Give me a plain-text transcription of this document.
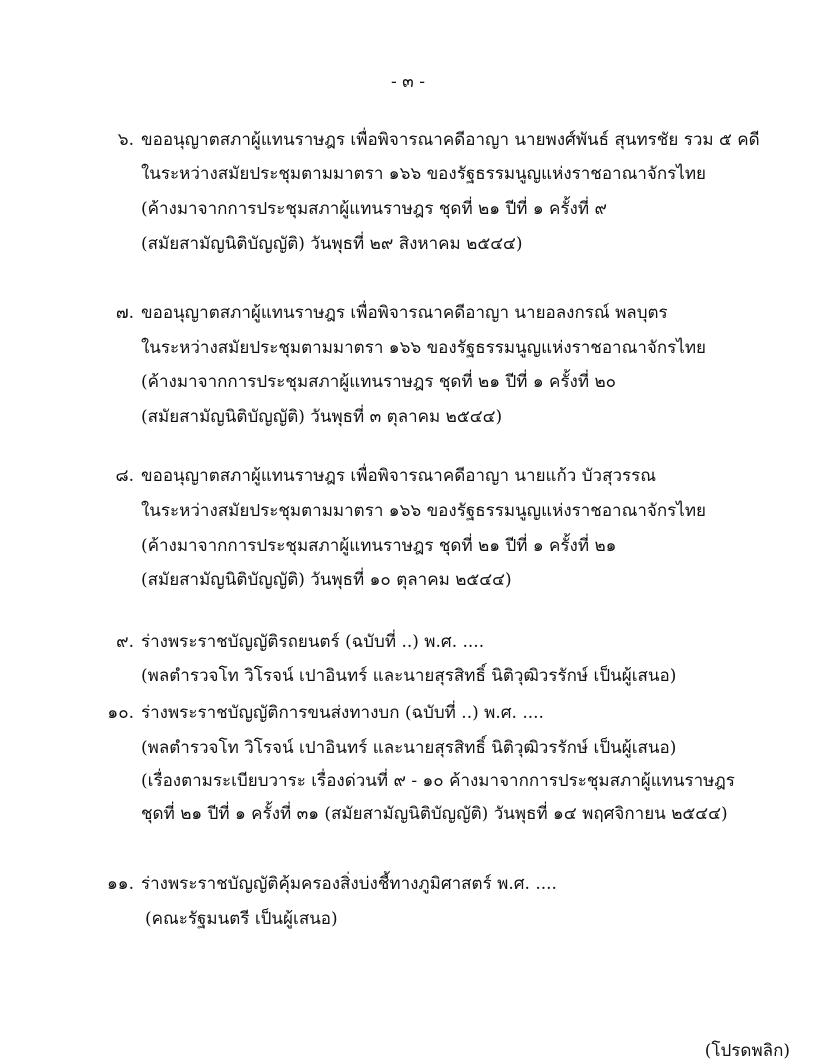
- ๓ -
๖. ขออนุญาตสภาผู้แทนราษฎร เพื่อพิจารณาคดีอาญา นายพงศ์พันธ์ สุนทรชัย รวม ๕ คดี
ในระหว่างสมัยประชุมตามมาตรา ๑๖๖ ของรัฐธรรมนูญแห่งราชอาณาจักรไทย
(ค้างมาจากการประชุมสภาผู้แทนราษฎร ชุดที่ ๒๑ ปีที่ ๑ ครั้งที่ ๙
(สมัยสามัญนิติบัญญัติ) วันพุธที่ ๒๙ สิงหาคม ๒๕๔๔)
๗. ขออนุญาตสภาผู้แทนราษฎร เพื่อพิจารณาคดีอาญา นายอลงกรณ์ พลบุตร
ในระหว่างสมัยประชุมตามมาตรา ๑๖๖ ของรัฐธรรมนูญแห่งราชอาณาจักรไทย
(ค้างมาจากการประชุมสภาผู้แทนราษฎร ชุดที่ ๒๑ ปีที่ ๑ ครั้งที่ ๒๐
(สมัยสามัญนิติบัญญัติ) วันพุธที่ ๓ ตุลาคม ๒๕๔๔)
๘. ขออนุญาตสภาผู้แทนราษฎร เพื่อพิจารณาคดีอาญา นายแก้ว บัวสุวรรณ
ในระหว่างสมัยประชุมตามมาตรา ๑๖๖ ของรัฐธรรมนูญแห่งราชอาณาจักรไทย
(ค้างมาจากการประชุมสภาผู้แทนราษฎร ชุดที่ ๒๑ ปีที่ ๑ ครั้งที่ ๒๑
(สมัยสามัญนิติบัญญัติ) วันพุธที่ ๑๐ ตุลาคม ๒๕๔๔)
๙. ร่างพระราชบัญญัติรถยนตร์ (ฉบับที่ ..) พ.ศ. ....
(พลตำรวจโท วิโรจน์ เปาอินทร์ และนายสุรสิทธิ์ นิติวุฒิวรรักษ์ เป็นผู้เสนอ)
๑๐. ร่างพระราชบัญญัติการขนส่งทางบก (ฉบับที่ ..) พ.ศ. ....
(พลตำรวจโท วิโรจน์ เปาอินทร์ และนายสุรสิทธิ์ นิติวุฒิวรรักษ์ เป็นผู้เสนอ)
(เรื่องตามระเบียบวาระ เรื่องด่วนที่ ๙ - ๑๐ ค้างมาจากการประชุมสภาผู้แทนราษฎร
ชุดที่ ๒๑ ปีที่ ๑ ครั้งที่ ๓๑ (สมัยสามัญนิติบัญญัติ) วันพุธที่ ๑๔ พฤศจิกายน ๒๕๔๔)
๑๑. ร่างพระราชบัญญัติคุ้มครองสิ่งบ่งชี้ทางภูมิศาสตร์ พ.ศ. ....
(คณะรัฐมนตรี เป็นผู้เสนอ)
(โปรดพลิก)
